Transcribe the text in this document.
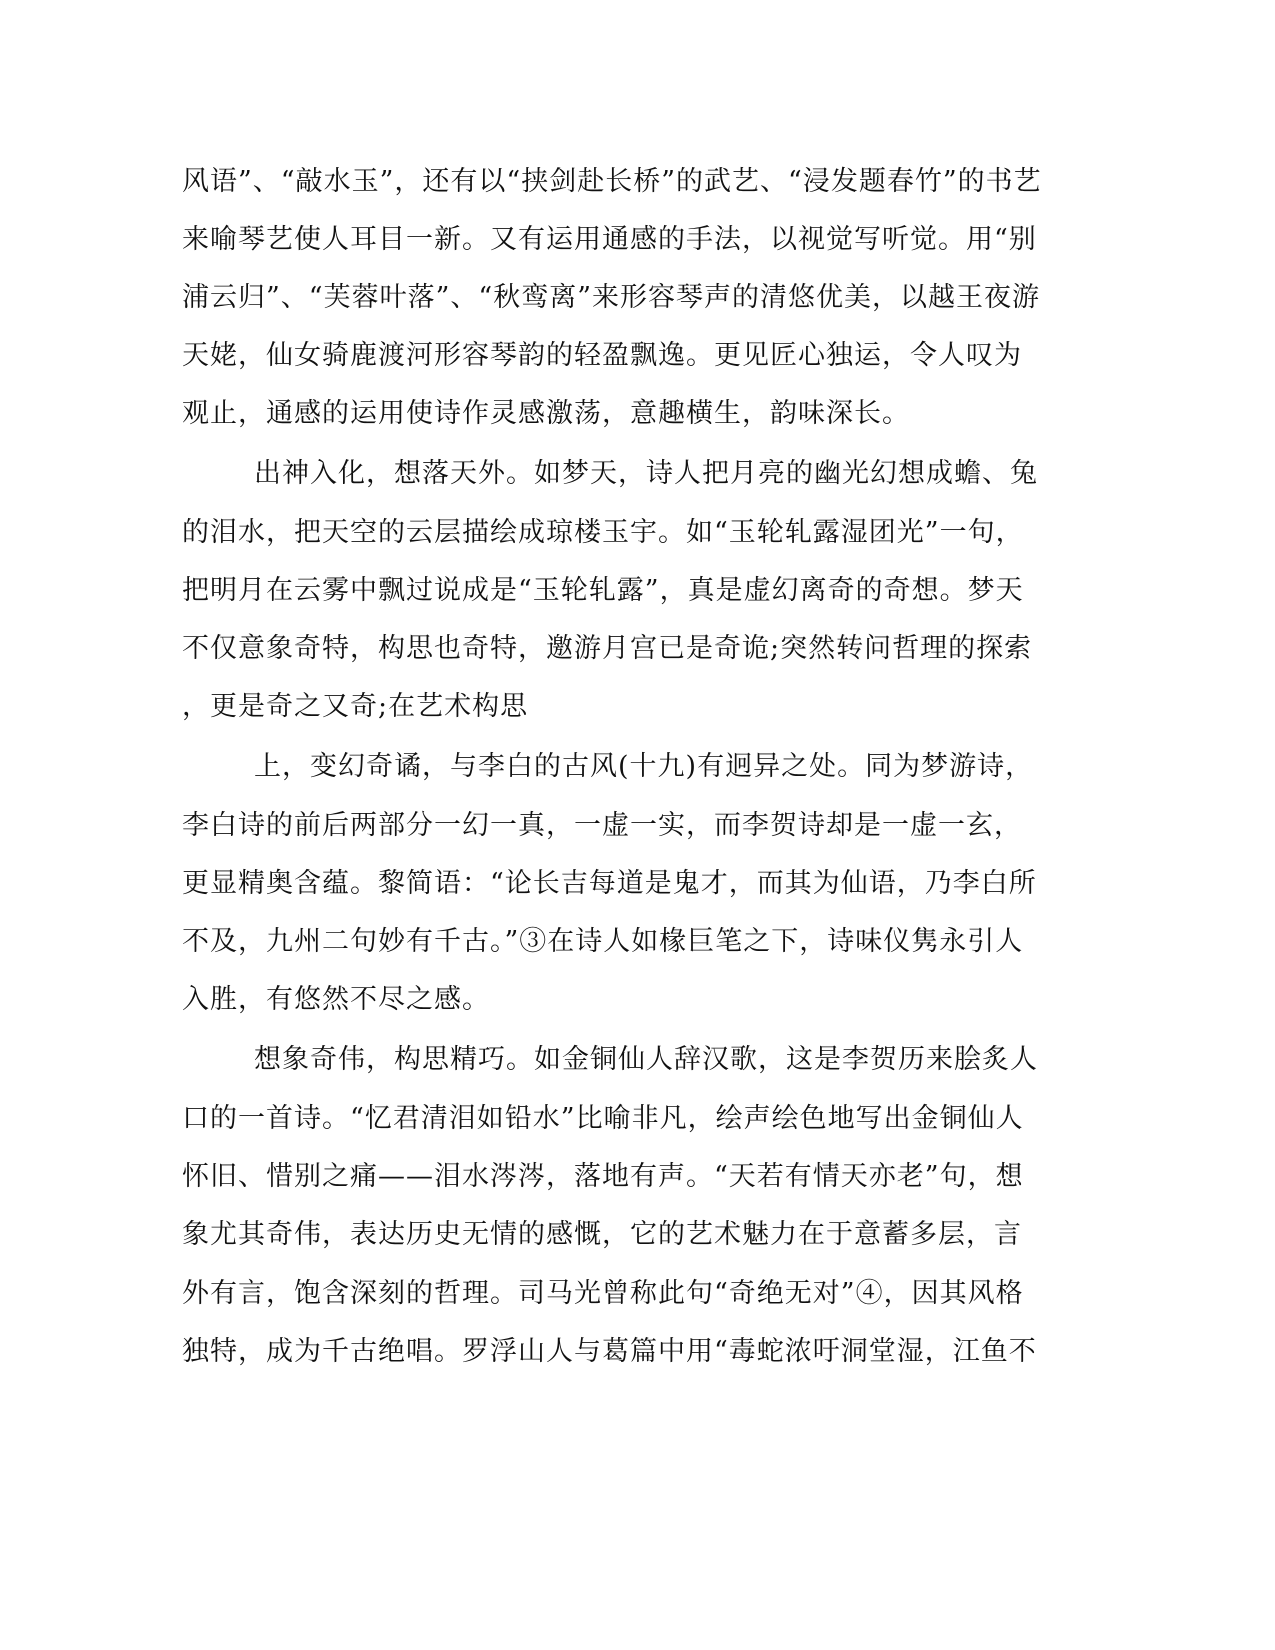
风语”、“敲水玉”，还有以“挟剑赴长桥”的武艺、“浸发题春竹”的书艺
来喻琴艺使人耳目一新。又有运用通感的手法，以视觉写听觉。用“别
浦云归”、“芙蓉叶落”、“秋鸾离”来形容琴声的清悠优美，以越王夜游
天姥，仙女骑鹿渡河形容琴韵的轻盈飘逸。更见匠心独运，令人叹为
观止，通感的运用使诗作灵感激荡，意趣横生，韵味深长。
出神入化，想落天外。如梦天，诗人把月亮的幽光幻想成蟾、兔
的泪水，把天空的云层描绘成琼楼玉宇。如“玉轮轧露湿团光”一句，
把明月在云雾中飘过说成是“玉轮轧露”，真是虚幻离奇的奇想。梦天
不仅意象奇特，构思也奇特，邀游月宫已是奇诡;突然转问哲理的探索
，更是奇之又奇;在艺术构思
上，变幻奇谲，与李白的古风(十九)有迥异之处。同为梦游诗，
李白诗的前后两部分一幻一真，一虚一实，而李贺诗却是一虚一玄，
更显精奥含蕴。黎简语：“论长吉每道是鬼才，而其为仙语，乃李白所
不及，九州二句妙有千古。”③在诗人如椽巨笔之下，诗味仪隽永引人
入胜，有悠然不尽之感。
想象奇伟，构思精巧。如金铜仙人辞汉歌，这是李贺历来脍炙人
口的一首诗。“忆君清泪如铅水”比喻非凡，绘声绘色地写出金铜仙人
怀旧、惜别之痛——泪水涔涔，落地有声。“天若有情天亦老”句，想
象尤其奇伟，表达历史无情的感慨，它的艺术魅力在于意蓄多层，言
外有言，饱含深刻的哲理。司马光曾称此句“奇绝无对”④，因其风格
独特，成为千古绝唱。罗浮山人与葛篇中用“毒蛇浓吁洞堂湿，江鱼不
